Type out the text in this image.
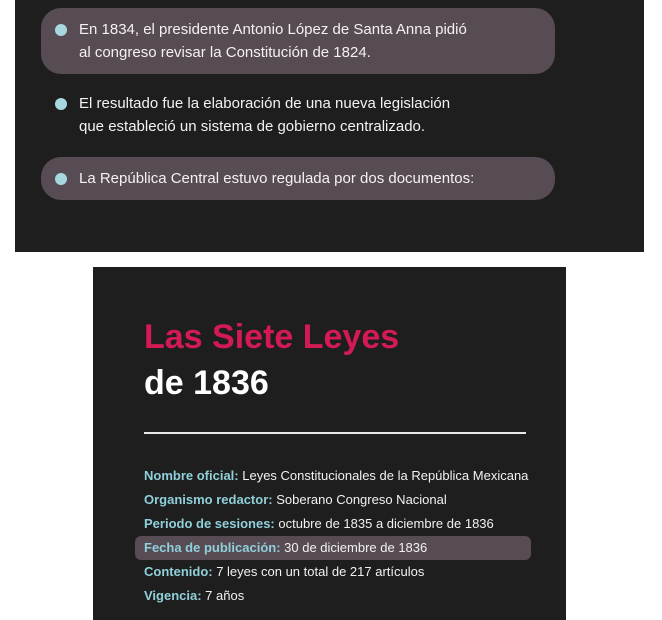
En 1834, el presidente Antonio López de Santa Anna pidió
al congreso revisar la Constitución de 1824.
El resultado fue la elaboración de una nueva legislación
que estableció un sistema de gobierno centralizado.
La República Central estuvo regulada por dos documentos:
Las Siete Leyes
de 1836
Nombre oficial: Leyes Constitucionales de la República Mexicana
Organismo redactor: Soberano Congreso Nacional
Periodo de sesiones: octubre de 1835 a diciembre de 1836
Fecha de publicación: 30 de diciembre de 1836
Contenido: 7 leyes con un total de 217 artículos
Vigencia: 7 años
